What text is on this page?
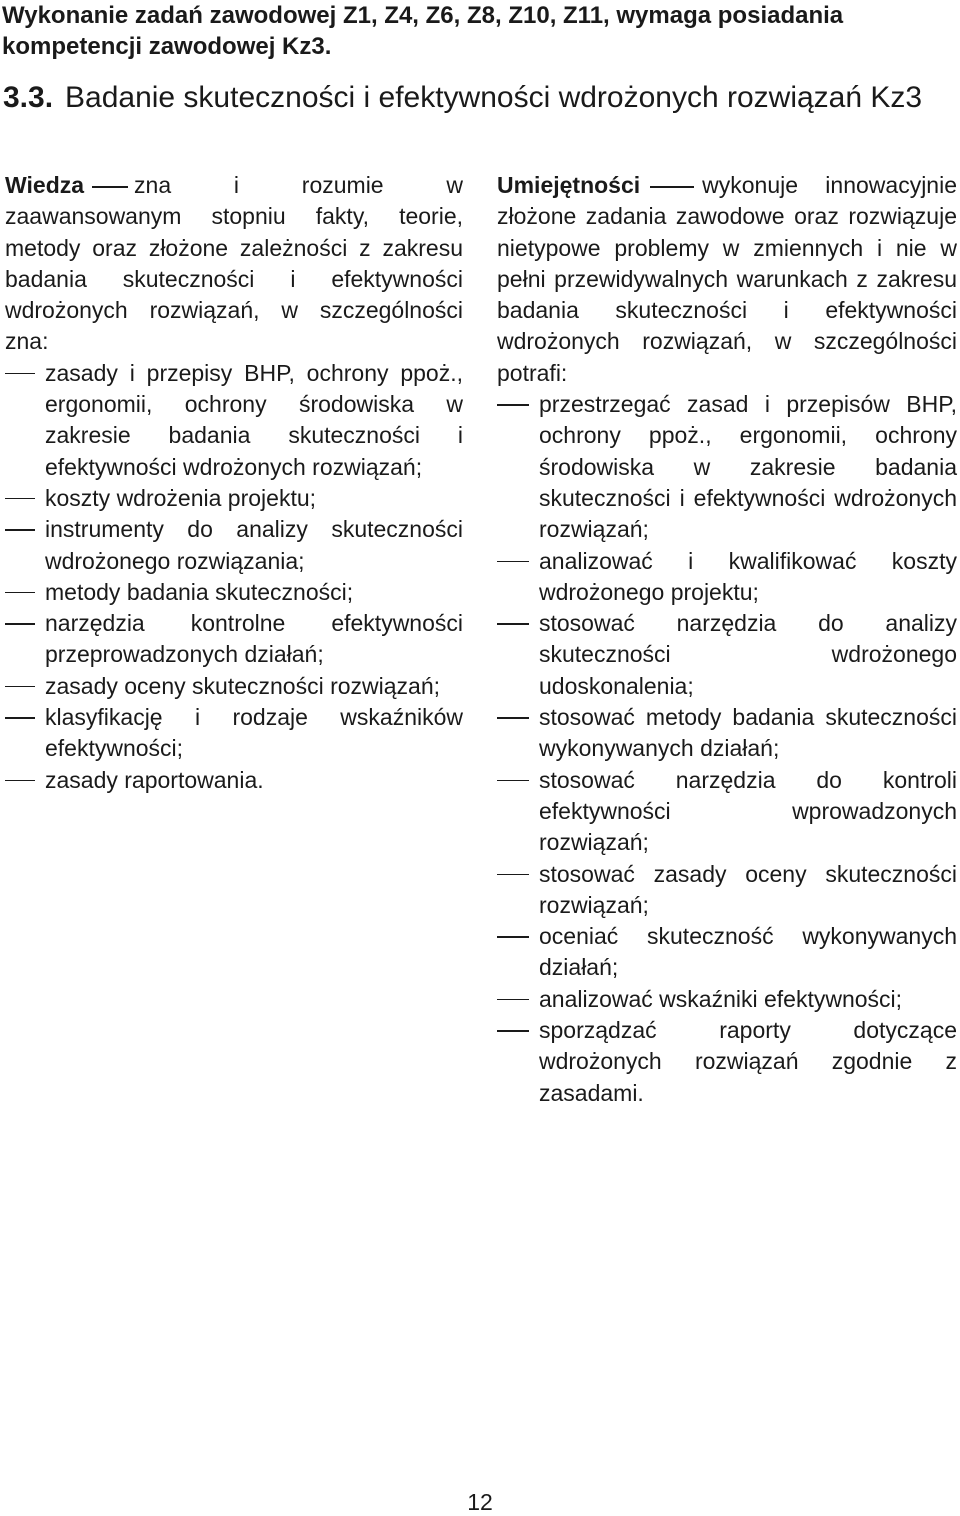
Wykonanie zadań zawodowej Z1, Z4, Z6, Z8, Z10, Z11, wymaga posiadania kompetencji zawodowej Kz3.
3.3. Badanie skuteczności i efektywności wdrożonych rozwiązań Kz3
Wiedza zna i rozumie w zaawansowanym stopniu fakty, teorie, metody oraz złożone zależności z zakresu badania skuteczności i efektywności wdrożonych rozwiązań, w szczególności zna:
zasady i przepisy BHP, ochrony ppoż., ergonomii, ochrony środowiska w zakresie badania skuteczności i efektywności wdrożonych rozwiązań;
koszty wdrożenia projektu;
instrumenty do analizy skuteczności wdrożonego rozwiązania;
metody badania skuteczności;
narzędzia kontrolne efektywności przeprowadzonych działań;
zasady oceny skuteczności rozwiązań;
klasyfikację i rodzaje wskaźników efektywności;
zasady raportowania.
Umiejętności	wykonuje innowacyjnie złożone zadania zawodowe oraz rozwiązuje nietypowe problemy w zmiennych i nie w pełni przewidywalnych warunkach z zakresu badania skuteczności i efektywności wdrożonych rozwiązań, w szczególności potrafi:
przestrzegać zasad i przepisów BHP, ochrony ppoż., ergonomii, ochrony środowiska w zakresie badania skuteczności i efektywności wdrożonych rozwiązań;
analizować i kwalifikować koszty wdrożonego projektu;
stosować narzędzia do analizy skuteczności wdrożonego udoskonalenia;
stosować metody badania skuteczności wykonywanych działań;
stosować narzędzia do kontroli efektywności wprowadzonych rozwiązań;
stosować zasady oceny skuteczności rozwiązań;
oceniać skuteczność wykonywanych działań;
analizować wskaźniki efektywności;
sporządzać raporty dotyczące wdrożonych rozwiązań zgodnie z zasadami.
12
